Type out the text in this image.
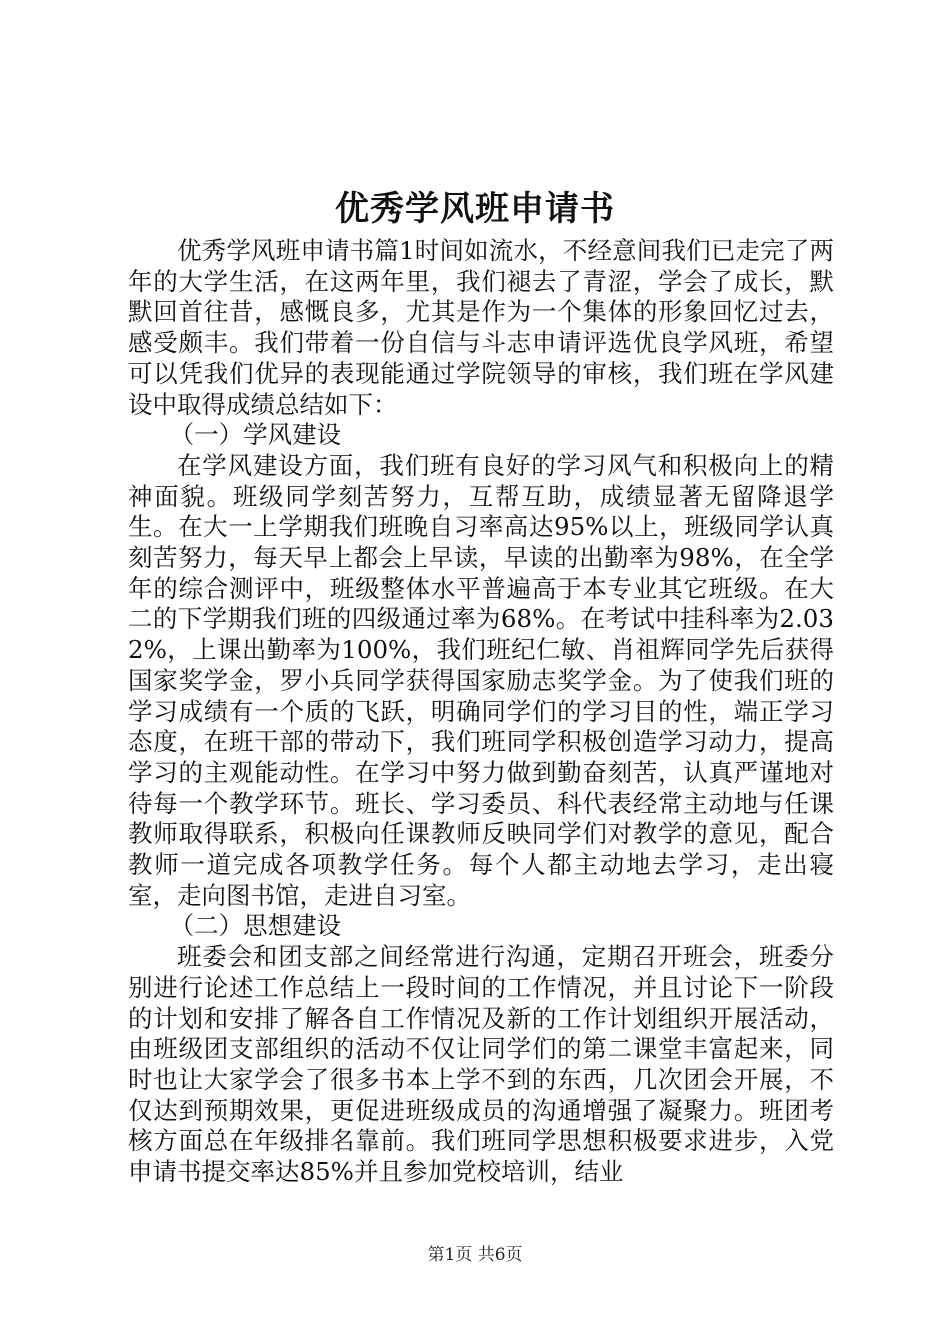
优秀学风班申请书

优秀学风班申请书篇1时间如流水，不经意间我们已走完了两年的大学生活，在这两年里，我们褪去了青涩，学会了成长，默默回首往昔，感慨良多，尤其是作为一个集体的形象回忆过去，感受颇丰。我们带着一份自信与斗志申请评选优良学风班，希望可以凭我们优异的表现能通过学院领导的审核，我们班在学风建设中取得成绩总结如下：

（一）学风建设

在学风建设方面，我们班有良好的学习风气和积极向上的精神面貌。班级同学刻苦努力，互帮互助，成绩显著无留降退学生。在大一上学期我们班晚自习率高达95%以上，班级同学认真刻苦努力，每天早上都会上早读，早读的出勤率为98%，在全学年的综合测评中，班级整体水平普遍高于本专业其它班级。在大二的下学期我们班的四级通过率为68%。在考试中挂科率为2.032%，上课出勤率为100%，我们班纪仁敏、肖祖辉同学先后获得国家奖学金，罗小兵同学获得国家励志奖学金。为了使我们班的学习成绩有一个质的飞跃，明确同学们的学习目的性，端正学习态度，在班干部的带动下，我们班同学积极创造学习动力，提高学习的主观能动性。在学习中努力做到勤奋刻苦，认真严谨地对待每一个教学环节。班长、学习委员、科代表经常主动地与任课教师取得联系，积极向任课教师反映同学们对教学的意见，配合教师一道完成各项教学任务。每个人都主动地去学习，走出寝室，走向图书馆，走进自习室。

（二）思想建设

班委会和团支部之间经常进行沟通，定期召开班会，班委分别进行论述工作总结上一段时间的工作情况，并且讨论下一阶段的计划和安排了解各自工作情况及新的工作计划组织开展活动，由班级团支部组织的活动不仅让同学们的第二课堂丰富起来，同时也让大家学会了很多书本上学不到的东西，几次团会开展，不仅达到预期效果，更促进班级成员的沟通增强了凝聚力。班团考核方面总在年级排名靠前。我们班同学思想积极要求进步，入党申请书提交率达85%并且参加党校培训，结业

第1页 共6页
